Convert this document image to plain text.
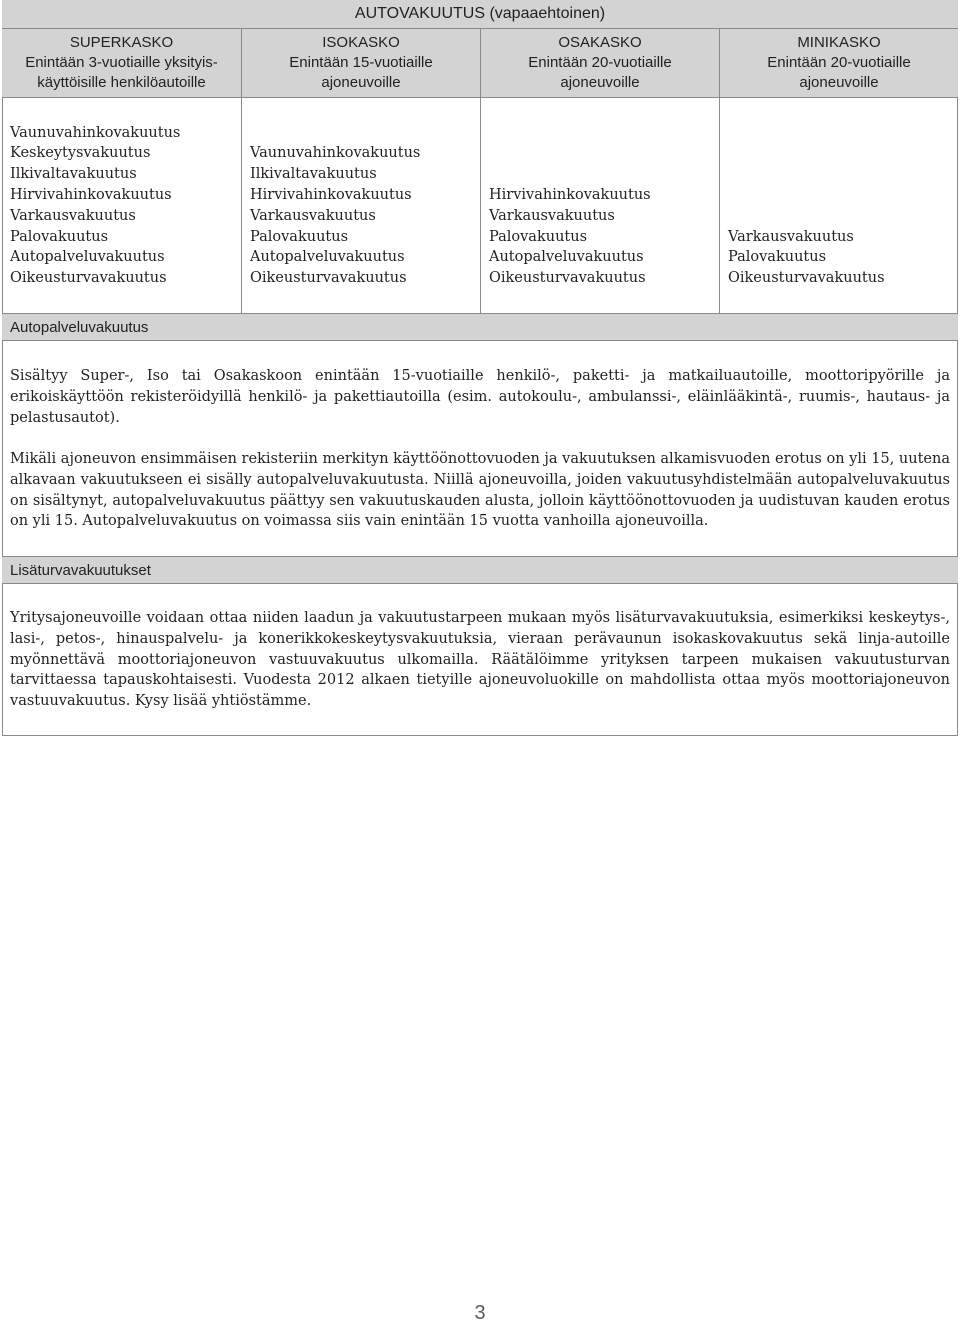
AUTOVAKUUTUS (vapaaehtoinen)
SUPERKASKO
Enintään 3-vuotiaille yksityis-
käyttöisille henkilöautoille
ISOKASKO
Enintään 15-vuotiaille
ajoneuvoille
OSAKASKO
Enintään 20-vuotiaille
ajoneuvoille
MINIKASKO
Enintään 20-vuotiaille
ajoneuvoille
Vaunuvahinkovakuutus
Keskeytysvakuutus
Ilkivaltavakuutus
Hirvivahinkovakuutus
Varkausvakuutus
Palovakuutus
Autopalveluvakuutus
Oikeusturvavakuutus
Vaunuvahinkovakuutus
Ilkivaltavakuutus
Hirvivahinkovakuutus
Varkausvakuutus
Palovakuutus
Autopalveluvakuutus
Oikeusturvavakuutus
Hirvivahinkovakuutus
Varkausvakuutus
Palovakuutus
Autopalveluvakuutus
Oikeusturvavakuutus
Varkausvakuutus
Palovakuutus
Oikeusturvavakuutus
Autopalveluvakuutus
Sisältyy Super-, Iso tai Osakaskoon enintään 15-vuotiaille henkilö-, paketti- ja matkailuautoille, moottoripyörille ja erikoiskäyttöön rekisteröidyillä henkilö- ja pakettiautoilla (esim. autokoulu-, ambulanssi-, eläinlääkintä-, ruumis-, hautaus- ja pelastusautot).
Mikäli ajoneuvon ensimmäisen rekisteriin merkityn käyttöönottovuoden ja vakuutuksen alkamisvuoden erotus on yli 15, uutena alkavaan vakuutukseen ei sisälly autopalveluvakuutusta. Niillä ajoneuvoilla, joiden vakuutusyhdistelmään autopalveluvakuutus on sisältynyt, autopalveluvakuutus päättyy sen vakuutuskauden alusta, jolloin käyttöönottovuoden ja uudistuvan kauden erotus on yli 15. Autopalveluvakuutus on voimassa siis vain enintään 15 vuotta vanhoilla ajoneuvoilla.
Lisäturvavakuutukset
Yritysajoneuvoille voidaan ottaa niiden laadun ja vakuutustarpeen mukaan myös lisäturvavakuutuksia, esimerkiksi keskeytys-, lasi-, petos-, hinauspalvelu- ja konerikkokeskeytysvakuutuksia, vieraan perävaunun isokaskovakuutus sekä linja-autoille myönnettävä moottoriajoneuvon vastuuvakuutus ulkomailla. Räätälöimme yrityksen tarpeen mukaisen vakuutusturvan tarvittaessa tapauskohtaisesti. Vuodesta 2012 alkaen tietyille ajoneuvoluokille on mahdollista ottaa myös moottoriajoneuvon vastuuvakuutus. Kysy lisää yhtiöstämme.
3
